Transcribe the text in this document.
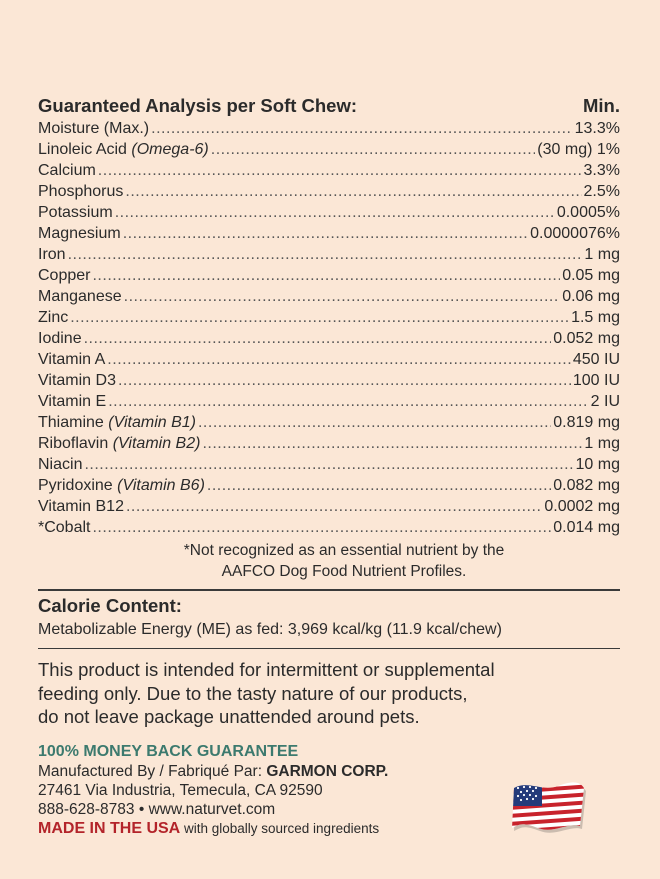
Guaranteed Analysis per Soft Chew:	Min.
Moisture (Max.) .....	13.3%
Linoleic Acid (Omega-6) .....	(30 mg) 1%
Calcium .....	3.3%
Phosphorus .....	2.5%
Potassium .....	0.0005%
Magnesium .....	0.0000076%
Iron .....	1 mg
Copper .....	0.05 mg
Manganese .....	0.06 mg
Zinc .....	1.5 mg
Iodine .....	0.052 mg
Vitamin A .....	450 IU
Vitamin D3 .....	100 IU
Vitamin E .....	2 IU
Thiamine (Vitamin B1) .....	0.819 mg
Riboflavin (Vitamin B2) .....	1 mg
Niacin .....	10 mg
Pyridoxine (Vitamin B6) .....	0.082 mg
Vitamin B12 .....	0.0002 mg
*Cobalt .....	0.014 mg
*Not recognized as an essential nutrient by the
AAFCO Dog Food Nutrient Profiles.
Calorie Content:
Metabolizable Energy (ME) as fed: 3,969 kcal/kg (11.9 kcal/chew)
This product is intended for intermittent or supplemental
feeding only. Due to the tasty nature of our products,
do not leave package unattended around pets.
100% MONEY BACK GUARANTEE
Manufactured By / Fabriqué Par: GARMON CORP.
27461 Via Industria, Temecula, CA 92590
888-628-8783 • www.naturvet.com
MADE IN THE USA with globally sourced ingredients
